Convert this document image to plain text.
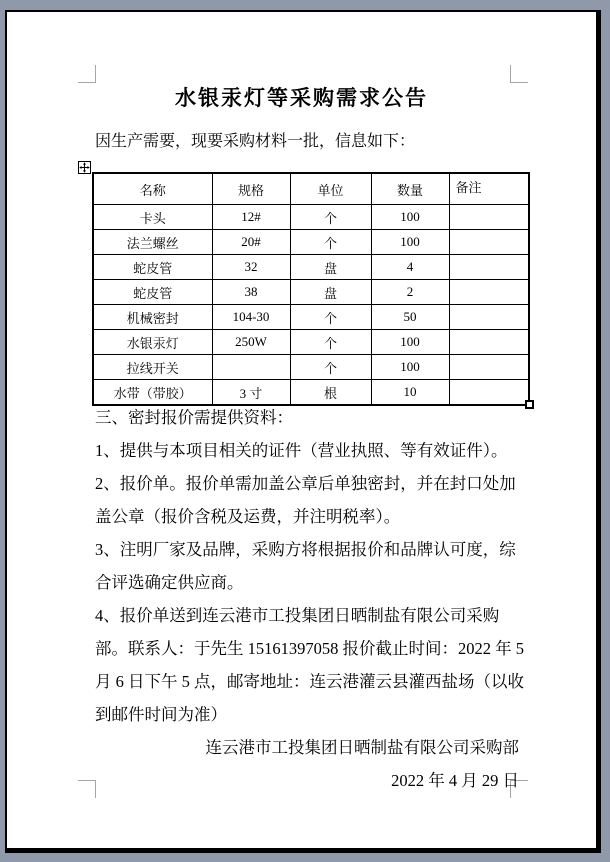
水银汞灯等采购需求公告
因生产需要，现要采购材料一批，信息如下：
名称	规格	单位	数量	备注
卡头	12#	个	100	
法兰螺丝	20#	个	100	
蛇皮管	32	盘	4	
蛇皮管	38	盘	2	
机械密封	104-30	个	50	
水银汞灯	250W	个	100	
拉线开关		个	100	
水带（带胶）	3 寸	根	10	
三、密封报价需提供资料：
1、提供与本项目相关的证件（营业执照、等有效证件）。
2、报价单。报价单需加盖公章后单独密封，并在封口处加盖公章（报价含税及运费，并注明税率）。
3、注明厂家及品牌，采购方将根据报价和品牌认可度，综合评选确定供应商。
4、报价单送到连云港市工投集团日晒制盐有限公司采购部。联系人：于先生 15161397058 报价截止时间：2022 年 5 月 6 日下午 5 点，邮寄地址：连云港灌云县灌西盐场（以收到邮件时间为准）
连云港市工投集团日晒制盐有限公司采购部
2022 年 4 月 29 日
